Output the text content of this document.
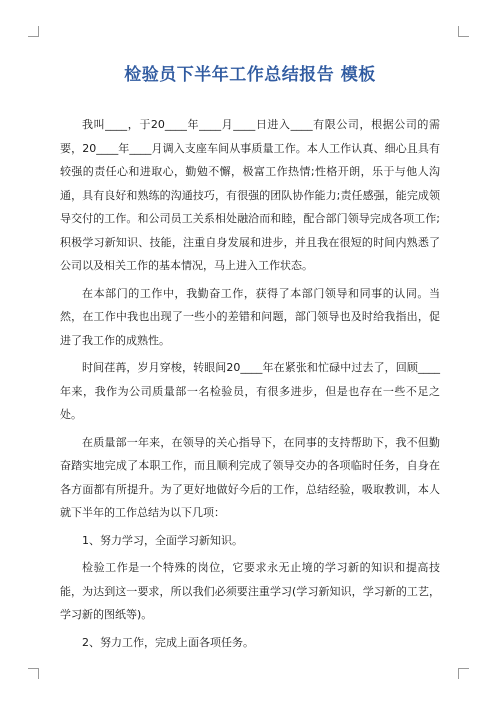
检验员下半年工作总结报告 模板

我叫____，于20____年____月____日进入____有限公司，根据公司的需要，20____年____月调入支座车间从事质量工作。本人工作认真、细心且具有较强的责任心和进取心，勤勉不懈，极富工作热情;性格开朗，乐于与他人沟通，具有良好和熟练的沟通技巧，有很强的团队协作能力;责任感强，能完成领导交付的工作。和公司员工关系相处融洽而和睦，配合部门领导完成各项工作;积极学习新知识、技能，注重自身发展和进步，并且我在很短的时间内熟悉了公司以及相关工作的基本情况，马上进入工作状态。

在本部门的工作中，我勤奋工作，获得了本部门领导和同事的认同。当然，在工作中我也出现了一些小的差错和问题，部门领导也及时给我指出，促进了我工作的成熟性。

时间荏苒，岁月穿梭，转眼间20____年在紧张和忙碌中过去了，回顾____年来，我作为公司质量部一名检验员，有很多进步，但是也存在一些不足之处。

在质量部一年来，在领导的关心指导下，在同事的支持帮助下，我不但勤奋踏实地完成了本职工作，而且顺利完成了领导交办的各项临时任务，自身在各方面都有所提升。为了更好地做好今后的工作，总结经验，吸取教训，本人就下半年的工作总结为以下几项：

1、努力学习，全面学习新知识。

检验工作是一个特殊的岗位，它要求永无止境的学习新的知识和提高技能，为达到这一要求，所以我们必须要注重学习(学习新知识，学习新的工艺，学习新的图纸等)。

2、努力工作，完成上面各项任务。
